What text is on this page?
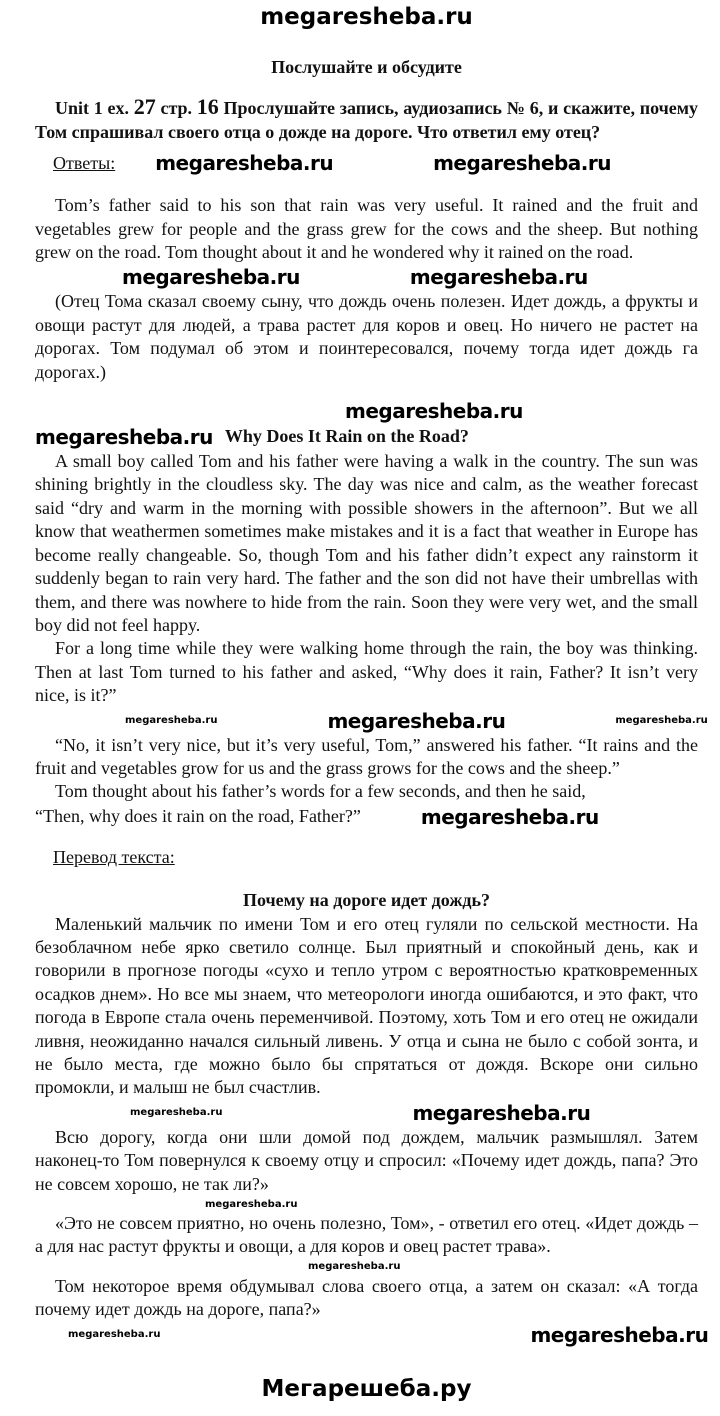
megaresheba.ru
Послушайте и обсудите
Unit 1 ex. 27 стр. 16 Прослушайте запись, аудиозапись № 6, и скажите, почему Том спрашивал своего отца о дожде на дороге. Что ответил ему отец?
Ответы: megaresheba.ru	megaresheba.ru
Tom’s father said to his son that rain was very useful. It rained and the fruit and vegetables grew for people and the grass grew for the cows and the sheep. But nothing grew on the road. Tom thought about it and he wondered why it rained on the road.
megaresheba.ru	megaresheba.ru
(Отец Тома сказал своему сыну, что дождь очень полезен. Идет дождь, а фрукты и овощи растут для людей, а трава растет для коров и овец. Но ничего не растет на дорогах. Том подумал об этом и поинтересовался, почему тогда идет дождь га дорогах.)
megaresheba.ru
megaresheba.ru Why Does It Rain on the Road?
A small boy called Tom and his father were having a walk in the country. The sun was shining brightly in the cloudless sky. The day was nice and calm, as the weather forecast said “dry and warm in the morning with possible showers in the afternoon”. But we all know that weathermen sometimes make mistakes and it is a fact that weather in Europe has become really changeable. So, though Tom and his father didn’t expect any rainstorm it suddenly began to rain very hard. The father and the son did not have their umbrellas with them, and there was nowhere to hide from the rain. Soon they were very wet, and the small boy did not feel happy.
For a long time while they were walking home through the rain, the boy was thinking. Then at last Tom turned to his father and asked, “Why does it rain, Father? It isn’t very nice, is it?”
megaresheba.ru	megaresheba.ru	megaresheba.ru
“No, it isn’t very nice, but it’s very useful, Tom,” answered his father. “It rains and the fruit and vegetables grow for us and the grass grows for the cows and the sheep.”
Tom thought about his father’s words for a few seconds, and then he said,
“Then, why does it rain on the road, Father?”	megaresheba.ru
Перевод текста:
Почему на дороге идет дождь?
Маленький мальчик по имени Том и его отец гуляли по сельской местности. На безоблачном небе ярко светило солнце. Был приятный и спокойный день, как и говорили в прогнозе погоды «сухо и тепло утром с вероятностью кратковременных осадков днем». Но все мы знаем, что метеорологи иногда ошибаются, и это факт, что погода в Европе стала очень переменчивой. Поэтому, хоть Том и его отец не ожидали ливня, неожиданно начался сильный ливень. У отца и сына не было с собой зонта, и не было места, где можно было бы спрятаться от дождя. Вскоре они сильно промокли, и малыш не был счастлив.
megaresheba.ru	megaresheba.ru
Всю дорогу, когда они шли домой под дождем, мальчик размышлял. Затем наконец-то Том повернулся к своему отцу и спросил: «Почему идет дождь, папа? Это не совсем хорошо, не так ли?»
megaresheba.ru
«Это не совсем приятно, но очень полезно, Том», - ответил его отец. «Идет дождь – а для нас растут фрукты и овощи, а для коров и овец растет трава».
megaresheba.ru
Том некоторое время обдумывал слова своего отца, а затем он сказал: «А тогда почему идет дождь на дороге, папа?»
megaresheba.ru	megaresheba.ru
Мегарешеба.ру
